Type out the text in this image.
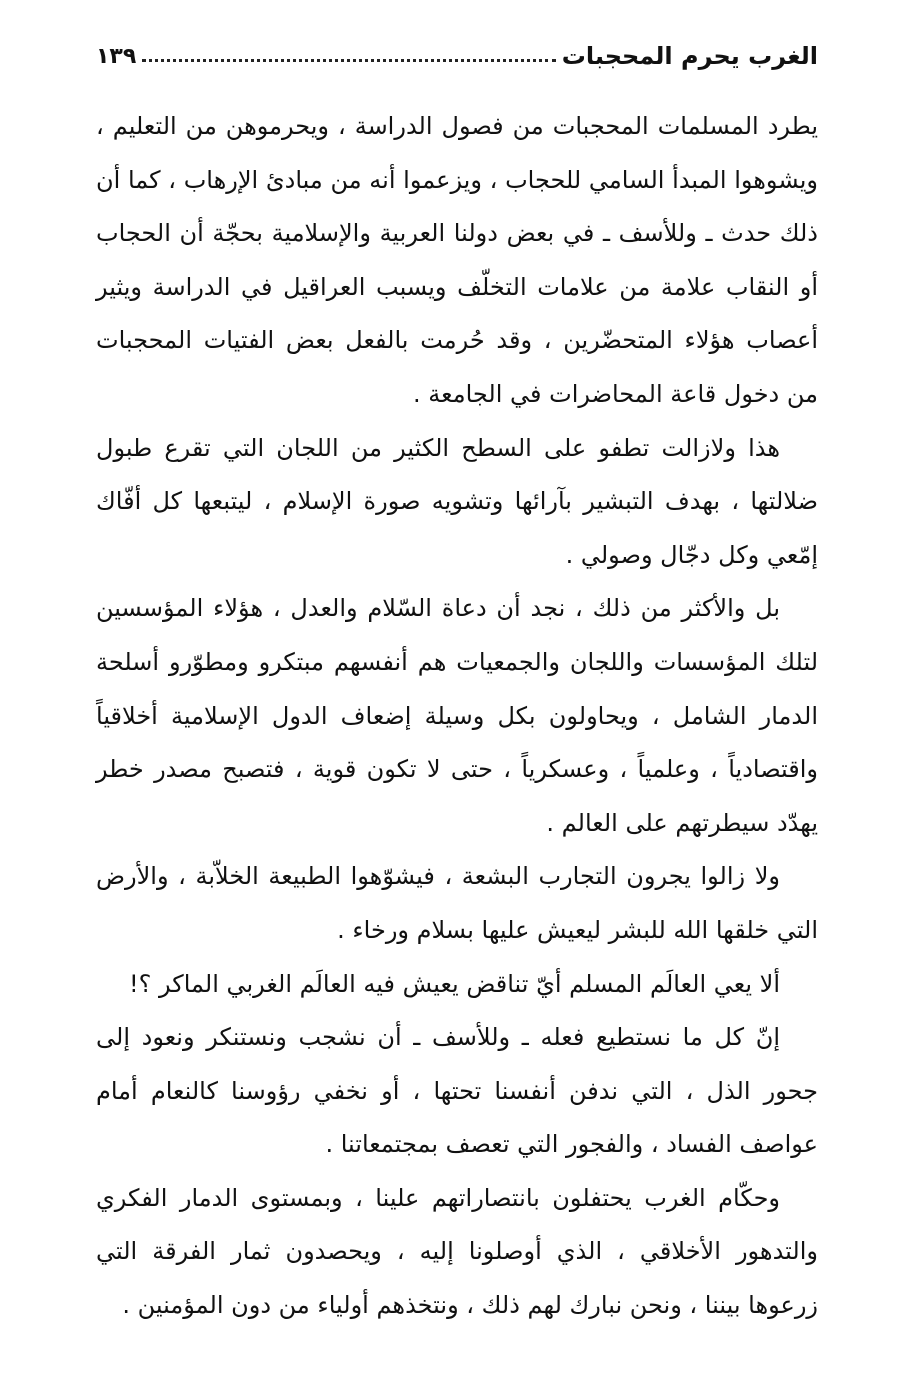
الغرب يحرم المحجبات
١٣٩

يطرد المسلمات المحجبات من فصول الدراسة ، ويحرموهن من التعليم ، ويشوهوا المبدأ السامي للحجاب ، ويزعموا أنه من مبادئ الإرهاب ، كما أن ذلك حدث ـ وللأسف ـ في بعض دولنا العربية والإسلامية بحجّة أن الحجاب أو النقاب علامة من علامات التخلّف ويسبب العراقيل في الدراسة ويثير أعصاب هؤلاء المتحضّرين ، وقد حُرمت بالفعل بعض الفتيات المحجبات من دخول قاعة المحاضرات في الجامعة .

هذا ولازالت تطفو على السطح الكثير من اللجان التي تقرع طبول ضلالتها ، بهدف التبشير بآرائها وتشويه صورة الإسلام ، ليتبعها كل أفّاك إمّعي وكل دجّال وصولي .

بل والأكثر من ذلك ، نجد أن دعاة السّلام والعدل ، هؤلاء المؤسسين لتلك المؤسسات واللجان والجمعيات هم أنفسهم مبتكرو ومطوّرو أسلحة الدمار الشامل ، ويحاولون بكل وسيلة إضعاف الدول الإسلامية أخلاقياً واقتصادياً ، وعلمياً ، وعسكرياً ، حتى لا تكون قوية ، فتصبح مصدر خطر يهدّد سيطرتهم على العالم .

ولا زالوا يجرون التجارب البشعة ، فيشوّهوا الطبيعة الخلاّبة ، والأرض التي خلقها الله للبشر ليعيش عليها بسلام ورخاء .

ألا يعي العالَم المسلم أيّ تناقض يعيش فيه العالَم الغربي الماكر ؟!

إنّ كل ما نستطيع فعله ـ وللأسف ـ أن نشجب ونستنكر ونعود إلى جحور الذل ، التي ندفن أنفسنا تحتها ، أو نخفي رؤوسنا كالنعام أمام عواصف الفساد ، والفجور التي تعصف بمجتمعاتنا .

وحكّام الغرب يحتفلون بانتصاراتهم علينا ، وبمستوى الدمار الفكري والتدهور الأخلاقي ، الذي أوصلونا إليه ، ويحصدون ثمار الفرقة التي زرعوها بيننا ، ونحن نبارك لهم ذلك ، ونتخذهم أولياء من دون المؤمنين .
